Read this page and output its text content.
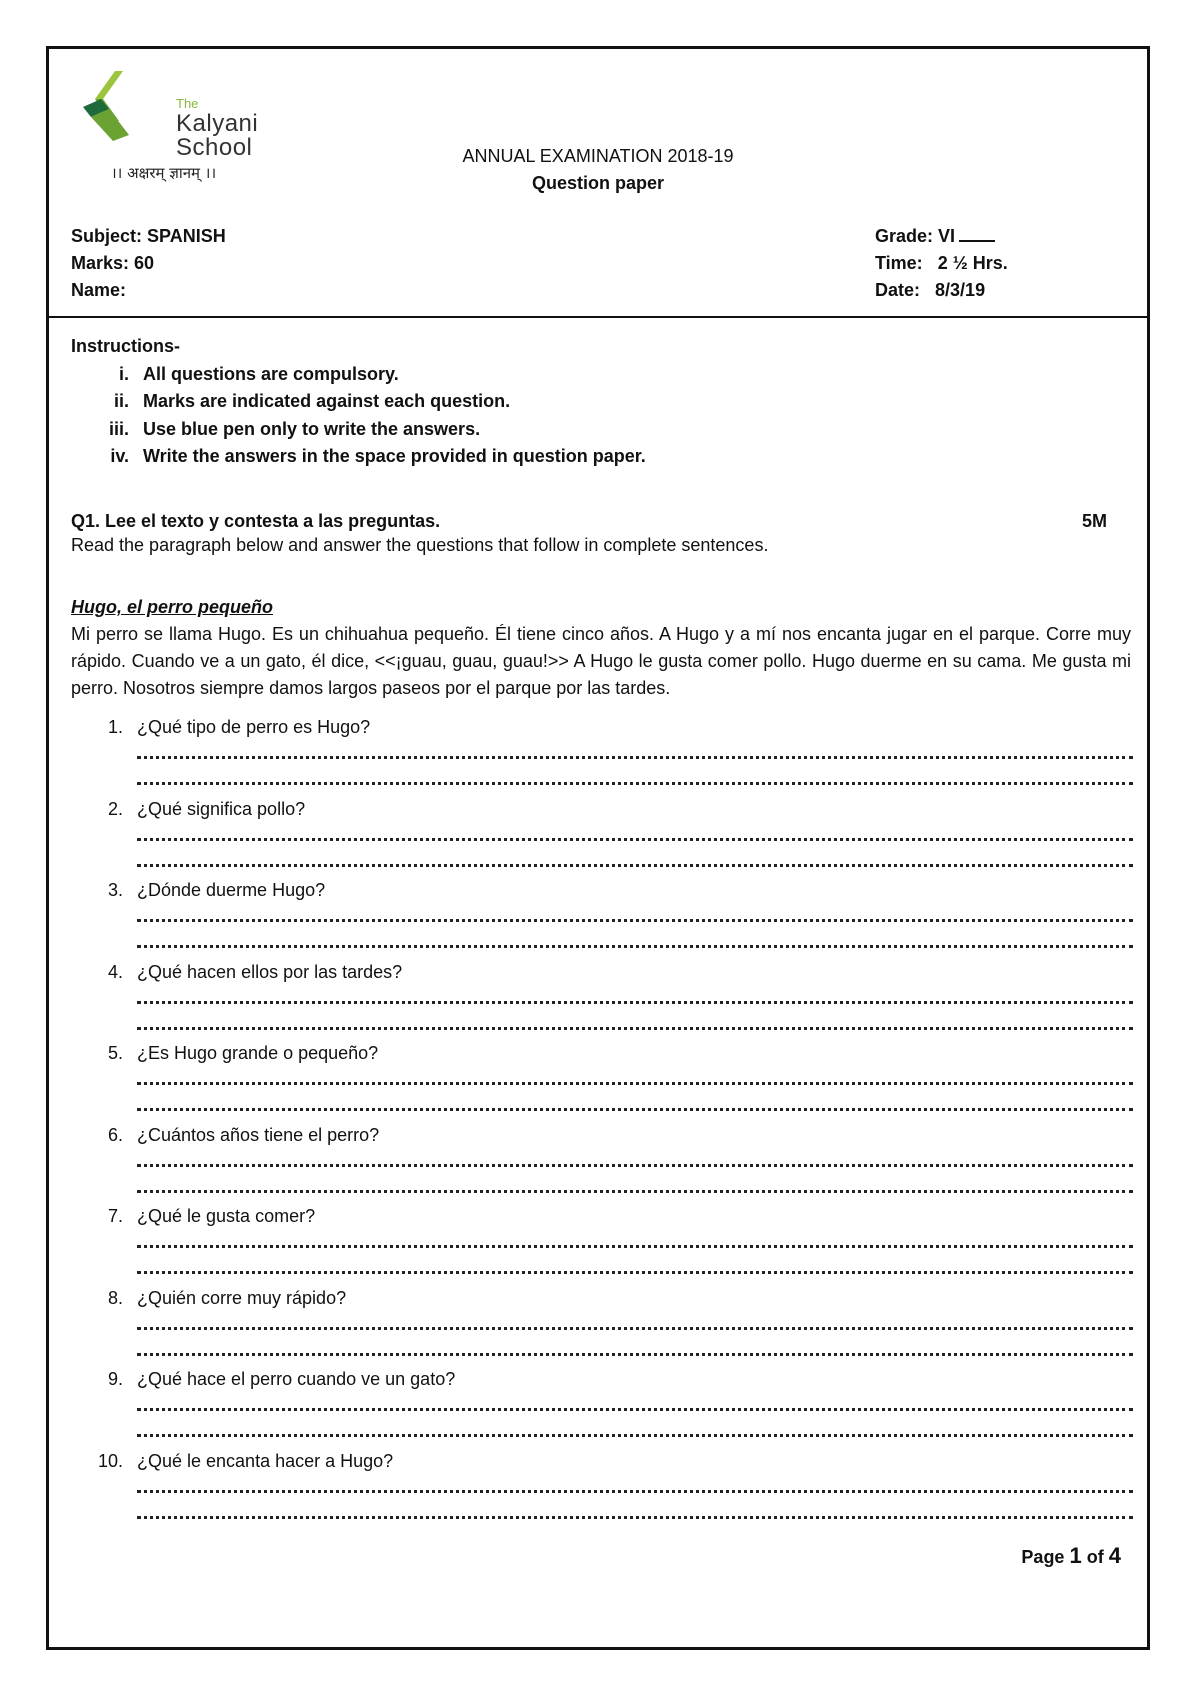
The
Kalyani
School
।। अक्षरम् ज्ञानम् ।।
ANNUAL EXAMINATION 2018-19
Question paper
Subject: SPANISH
Marks: 60
Name:
Grade: VI
Time: 2 ½ Hrs.
Date: 8/3/19
Instructions-
i. All questions are compulsory.
ii. Marks are indicated against each question.
iii. Use blue pen only to write the answers.
iv. Write the answers in the space provided in question paper.
Q1. Lee el texto y contesta a las preguntas.	5M
Read the paragraph below and answer the questions that follow in complete sentences.
Hugo, el perro pequeño
Mi perro se llama Hugo. Es un chihuahua pequeño. Él tiene cinco años. A Hugo y a mí nos encanta jugar en el parque. Corre muy rápido. Cuando ve a un gato, él dice, <<¡guau, guau, guau!>> A Hugo le gusta comer pollo. Hugo duerme en su cama. Me gusta mi perro. Nosotros siempre damos largos paseos por el parque por las tardes.
1. ¿Qué tipo de perro es Hugo?
2. ¿Qué significa pollo?
3. ¿Dónde duerme Hugo?
4. ¿Qué hacen ellos por las tardes?
5. ¿Es Hugo grande o pequeño?
6. ¿Cuántos años tiene el perro?
7. ¿Qué le gusta comer?
8. ¿Quién corre muy rápido?
9. ¿Qué hace el perro cuando ve un gato?
10. ¿Qué le encanta hacer a Hugo?
Page 1 of 4
